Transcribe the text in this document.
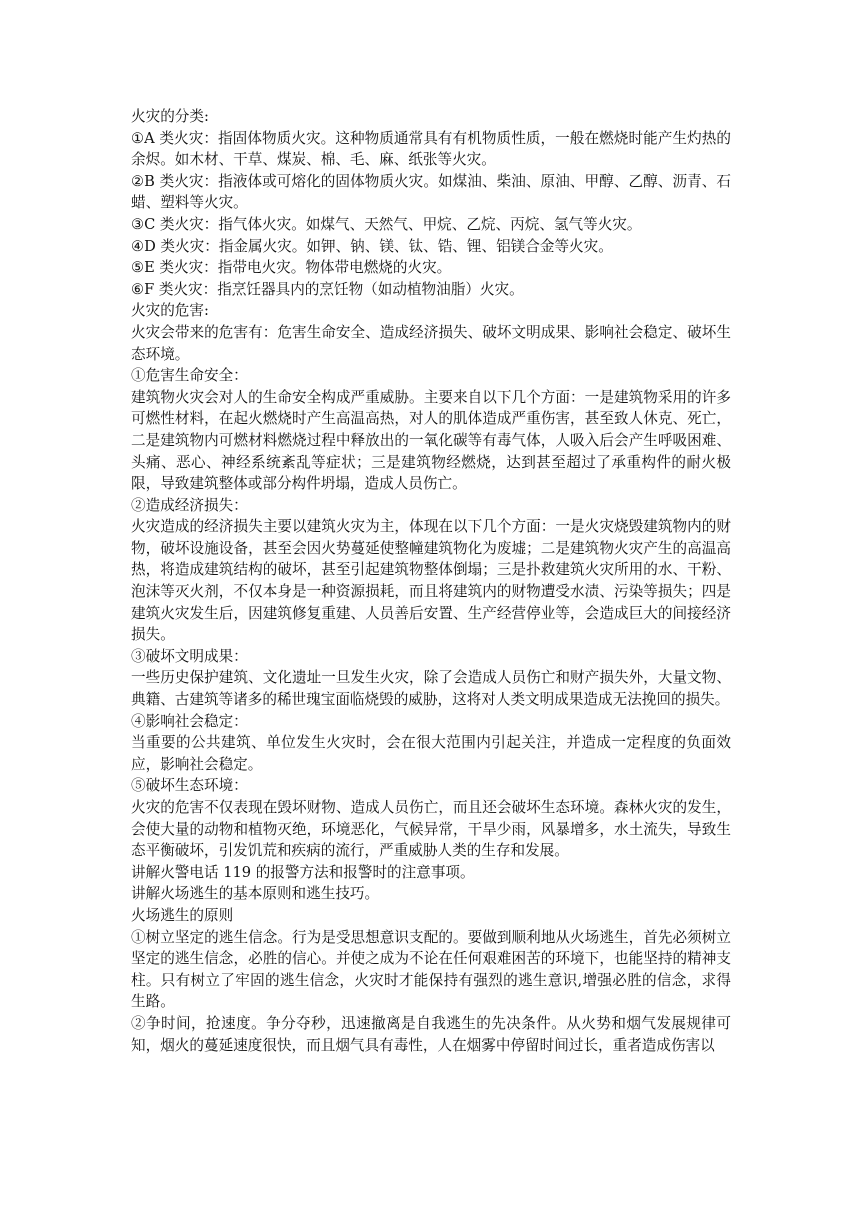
火灾的分类:

①A 类火灾：指固体物质火灾。这种物质通常具有有机物质性质，一般在燃烧时能产生灼热的余烬。如木材、干草、煤炭、棉、毛、麻、纸张等火灾。

②B 类火灾：指液体或可熔化的固体物质火灾。如煤油、柴油、原油、甲醇、乙醇、沥青、石蜡、塑料等火灾。

③C 类火灾：指气体火灾。如煤气、天然气、甲烷、乙烷、丙烷、氢气等火灾。

④D 类火灾：指金属火灾。如钾、钠、镁、钛、锆、锂、铝镁合金等火灾。

⑤E 类火灾：指带电火灾。物体带电燃烧的火灾。

⑥F 类火灾：指烹饪器具内的烹饪物（如动植物油脂）火灾。

火灾的危害:

火灾会带来的危害有：危害生命安全、造成经济损失、破坏文明成果、影响社会稳定、破坏生态环境。

①危害生命安全：

建筑物火灾会对人的生命安全构成严重威胁。主要来自以下几个方面：一是建筑物采用的许多可燃性材料，在起火燃烧时产生高温高热，对人的肌体造成严重伤害，甚至致人休克、死亡，二是建筑物内可燃材料燃烧过程中释放出的一氧化碳等有毒气体，人吸入后会产生呼吸困难、头痛、恶心、神经系统紊乱等症状；三是建筑物经燃烧，达到甚至超过了承重构件的耐火极限，导致建筑整体或部分构件坍塌，造成人员伤亡。

②造成经济损失：

火灾造成的经济损失主要以建筑火灾为主，体现在以下几个方面：一是火灾烧毁建筑物内的财物，破坏设施设备，甚至会因火势蔓延使整幢建筑物化为废墟；二是建筑物火灾产生的高温高热，将造成建筑结构的破坏，甚至引起建筑物整体倒塌；三是扑救建筑火灾所用的水、干粉、泡沫等灭火剂，不仅本身是一种资源损耗，而且将建筑内的财物遭受水渍、污染等损失；四是建筑火灾发生后，因建筑修复重建、人员善后安置、生产经营停业等，会造成巨大的间接经济损失。

③破坏文明成果：

一些历史保护建筑、文化遗址一旦发生火灾，除了会造成人员伤亡和财产损失外，大量文物、典籍、古建筑等诸多的稀世瑰宝面临烧毁的威胁，这将对人类文明成果造成无法挽回的损失。

④影响社会稳定：

当重要的公共建筑、单位发生火灾时，会在很大范围内引起关注，并造成一定程度的负面效应，影响社会稳定。

⑤破坏生态环境：

火灾的危害不仅表现在毁坏财物、造成人员伤亡，而且还会破坏生态环境。森林火灾的发生，会使大量的动物和植物灭绝，环境恶化，气候异常，干旱少雨，风暴增多，水土流失，导致生态平衡破坏，引发饥荒和疾病的流行，严重威胁人类的生存和发展。

讲解火警电话 119 的报警方法和报警时的注意事项。

讲解火场逃生的基本原则和逃生技巧。

火场逃生的原则

①树立坚定的逃生信念。行为是受思想意识支配的。要做到顺利地从火场逃生，首先必须树立坚定的逃生信念，必胜的信心。并使之成为不论在任何艰难困苦的环境下，也能坚持的精神支柱。只有树立了牢固的逃生信念，火灾时才能保持有强烈的逃生意识,增强必胜的信念，求得生路。

②争时间，抢速度。争分夺秒，迅速撤离是自我逃生的先决条件。从火势和烟气发展规律可知，烟火的蔓延速度很快，而且烟气具有毒性，人在烟雾中停留时间过长，重者造成伤害以
